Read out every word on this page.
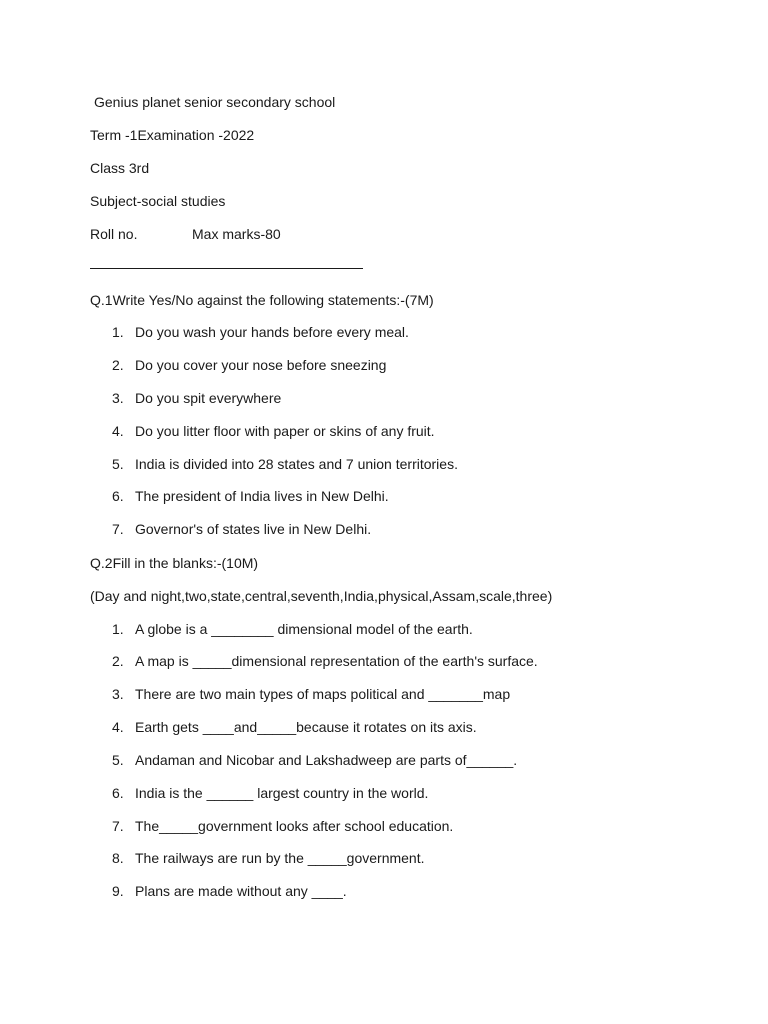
Genius planet senior secondary school
Term -1Examination -2022
Class 3rd
Subject-social studies
Roll no.	Max marks-80
Q.1Write Yes/No against the following statements:-(7M)
1. Do you wash your hands before every meal.
2. Do you cover your nose before sneezing
3. Do you spit everywhere
4. Do you litter floor with paper or skins of any fruit.
5. India is divided into 28 states and 7 union territories.
6. The president of India lives in New Delhi.
7. Governor's of states live in New Delhi.
Q.2Fill in the blanks:-(10M)
(Day and night,two,state,central,seventh,India,physical,Assam,scale,three)
1. A globe is a ________ dimensional model of the earth.
2. A map is _____dimensional representation of the earth's surface.
3. There are two main types of maps political and _______map
4. Earth gets ____and_____because it rotates on its axis.
5. Andaman and Nicobar and Lakshadweep are parts of______.
6. India is the ______ largest country in the world.
7. The_____government looks after school education.
8. The railways are run by the _____government.
9. Plans are made without any ____.
